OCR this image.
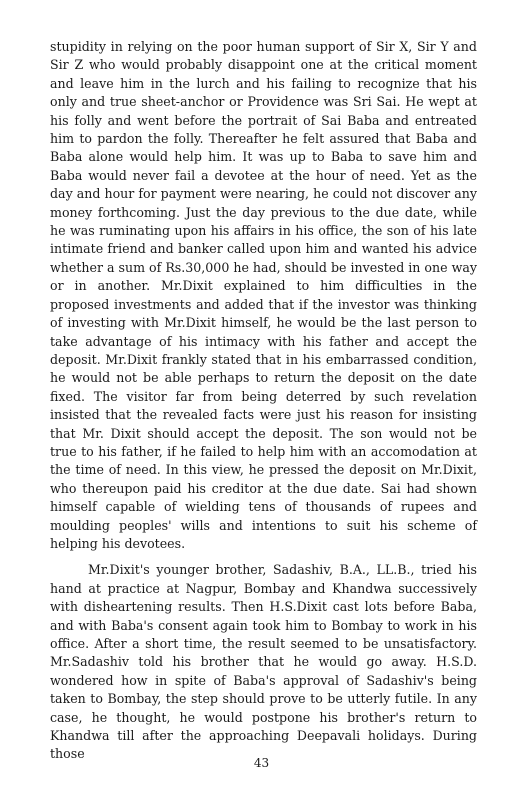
stupidity in relying on the poor human support of Sir X, Sir Y and Sir Z who would probably disappoint one at the critical moment and leave him in the lurch and his failing to recognize that his only and true sheet-anchor or Providence was Sri Sai. He wept at his folly and went before the portrait of Sai Baba and entreated him to pardon the folly. Thereafter he felt assured that Baba and Baba alone would help him. It was up to Baba to save him and Baba would never fail a devotee at the hour of need. Yet as the day and hour for payment were nearing, he could not discover any money forthcoming. Just the day previous to the due date, while he was ruminating upon his affairs in his office, the son of his late intimate friend and banker called upon him and wanted his advice whether a sum of Rs.30,000 he had, should be invested in one way or in another. Mr.Dixit explained to him difficulties in the proposed investments and added that if the investor was thinking of investing with Mr.Dixit himself, he would be the last person to take advantage of his intimacy with his father and accept the deposit. Mr.Dixit frankly stated that in his embarrassed condition, he would not be able perhaps to return the deposit on the date fixed. The visitor far from being deterred by such revelation insisted that the revealed facts were just his reason for insisting that Mr. Dixit should accept the deposit. The son would not be true to his father, if he failed to help him with an accomodation at the time of need. In this view, he pressed the deposit on Mr.Dixit, who thereupon paid his creditor at the due date. Sai had shown himself capable of wielding tens of thousands of rupees and moulding peoples' wills and intentions to suit his scheme of helping his devotees.

Mr.Dixit's younger brother, Sadashiv, B.A., LL.B., tried his hand at practice at Nagpur, Bombay and Khandwa successively with disheartening results. Then H.S.Dixit cast lots before Baba, and with Baba's consent again took him to Bombay to work in his office. After a short time, the result seemed to be unsatisfactory. Mr.Sadashiv told his brother that he would go away. H.S.D. wondered how in spite of Baba's approval of Sadashiv's being taken to Bombay, the step should prove to be utterly futile. In any case, he thought, he would postpone his brother's return to Khandwa till after the approaching Deepavali holidays. During those

43
